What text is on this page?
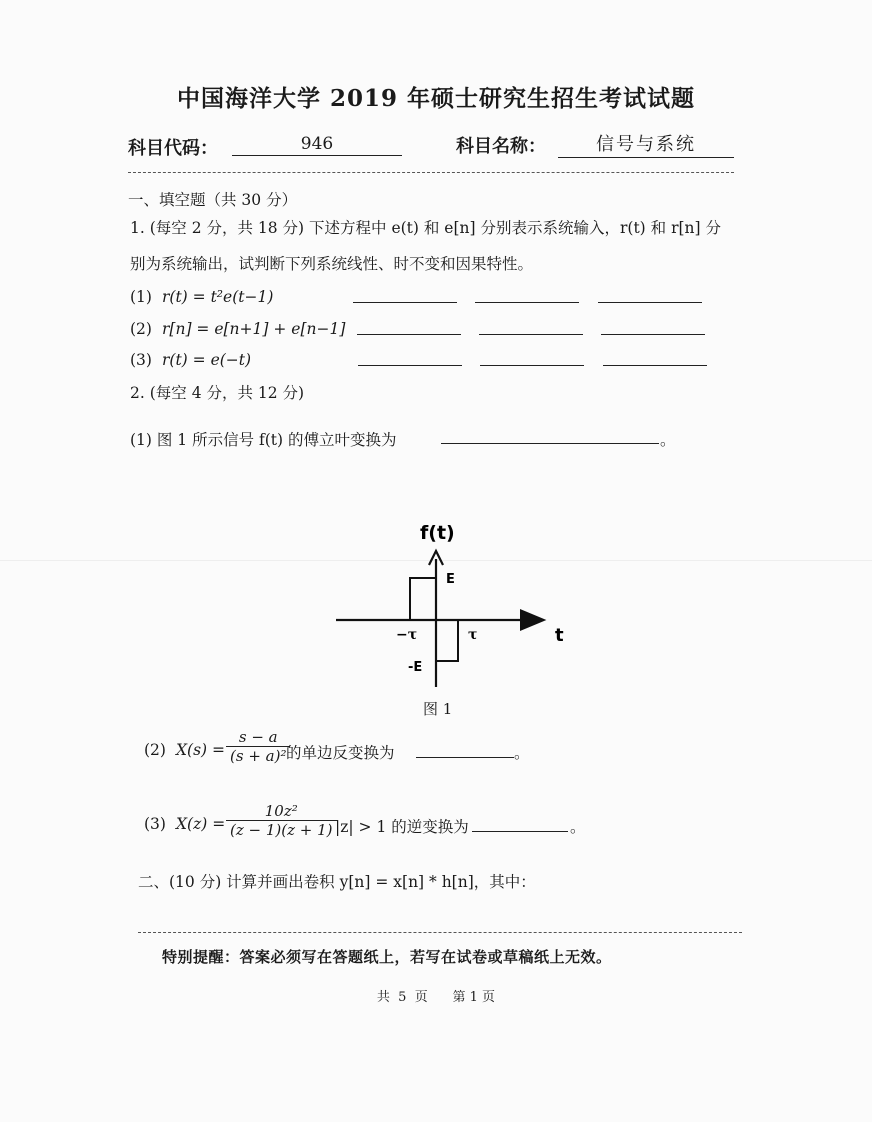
中国海洋大学 2019 年硕士研究生招生考试试题
科目代码：	946	科目名称：	信号与系统
一、填空题（共 30 分）
1. (每空 2 分，共 18 分) 下述方程中 e(t) 和 e[n] 分别表示系统输入，r(t) 和 r[n] 分
别为系统输出，试判断下列系统线性、时不变和因果特性。
(1) r(t) = t²e(t−1)
(2) r[n] = e[n+1] + e[n−1]
(3) r(t) = e(−t)
2. (每空 4 分，共 12 分)
(1) 图 1 所示信号 f(t) 的傅立叶变换为	。
f(t)
t
E
-E
−τ	τ
图 1
(2) $X(s) = \frac{s - a}{\text{(s + a)²}}$
的单边反变换为	。
(3) $X(z) = \frac{\text{10z²}}{(z - 1)(z + 1)}$
|z| > 1 的逆变换为	。
二、(10 分) 计算并画出卷积 y[n] = x[n] * h[n]，其中：
特别提醒：答案必须写在答题纸上，若写在试卷或草稿纸上无效。
共  5  页      第 1 页
